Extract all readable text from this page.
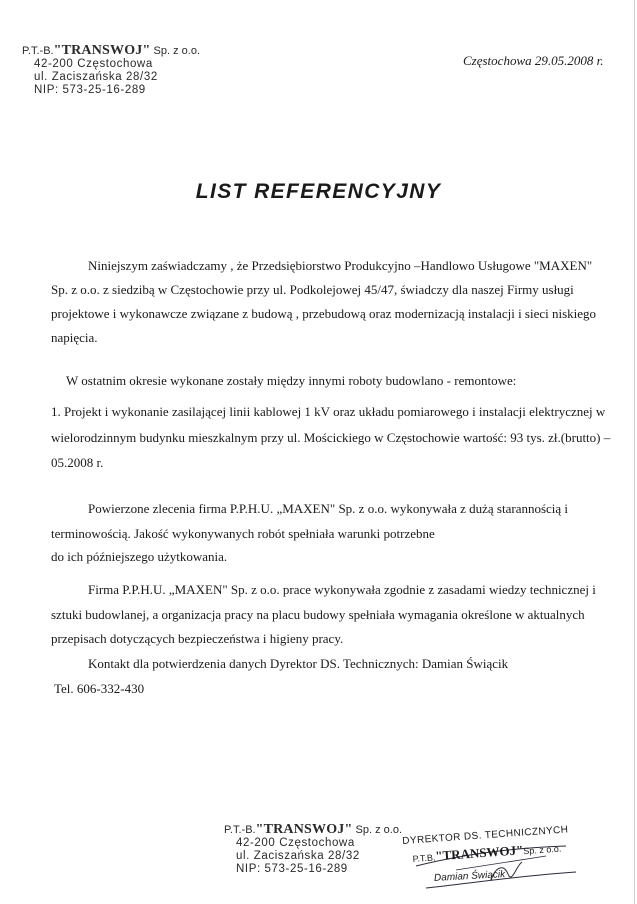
P.T.-B."TRANSWOJ" Sp. z o.o.
42-200 Częstochowa
ul. Zaciszańska 28/32
NIP: 573-25-16-289
Częstochowa 29.05.2008 r.
LIST REFERENCYJNY
Niniejszym zaświadczamy , że Przedsiębiorstwo Produkcyjno –Handlowo Usługowe "MAXEN"
Sp. z o.o. z siedzibą w Częstochowie przy ul. Podkolejowej 45/47, świadczy dla naszej Firmy usługi
projektowe i wykonawcze związane z budową , przebudową oraz modernizacją instalacji i sieci niskiego
napięcia.
W ostatnim okresie wykonane zostały między innymi roboty budowlano - remontowe:
1. Projekt i wykonanie zasilającej linii kablowej 1 kV oraz układu pomiarowego i instalacji elektrycznej w
wielorodzinnym budynku mieszkalnym przy ul. Mościckiego w Częstochowie wartość: 93 tys. zł.(brutto) –
05.2008 r.
Powierzone zlecenia firma P.P.H.U. „MAXEN" Sp. z o.o. wykonywała z dużą starannością i
terminowością. Jakość wykonywanych robót spełniała warunki potrzebne
do ich późniejszego użytkowania.
Firma P.P.H.U. „MAXEN" Sp. z o.o. prace wykonywała zgodnie z zasadami wiedzy technicznej i
sztuki budowlanej, a organizacja pracy na placu budowy spełniała wymagania określone w aktualnych
przepisach dotyczących bezpieczeństwa i higieny pracy.
Kontakt dla potwierdzenia danych Dyrektor DS. Technicznych: Damian Świącik
Tel. 606-332-430
P.T.-B."TRANSWOJ" Sp. z o.o.
42-200 Częstochowa
ul. Zaciszańska 28/32
NIP: 573-25-16-289
DYREKTOR DS. TECHNICZNYCH
P.T.B."TRANSWOJ"Sp. z o.o.
Damian Świącik
